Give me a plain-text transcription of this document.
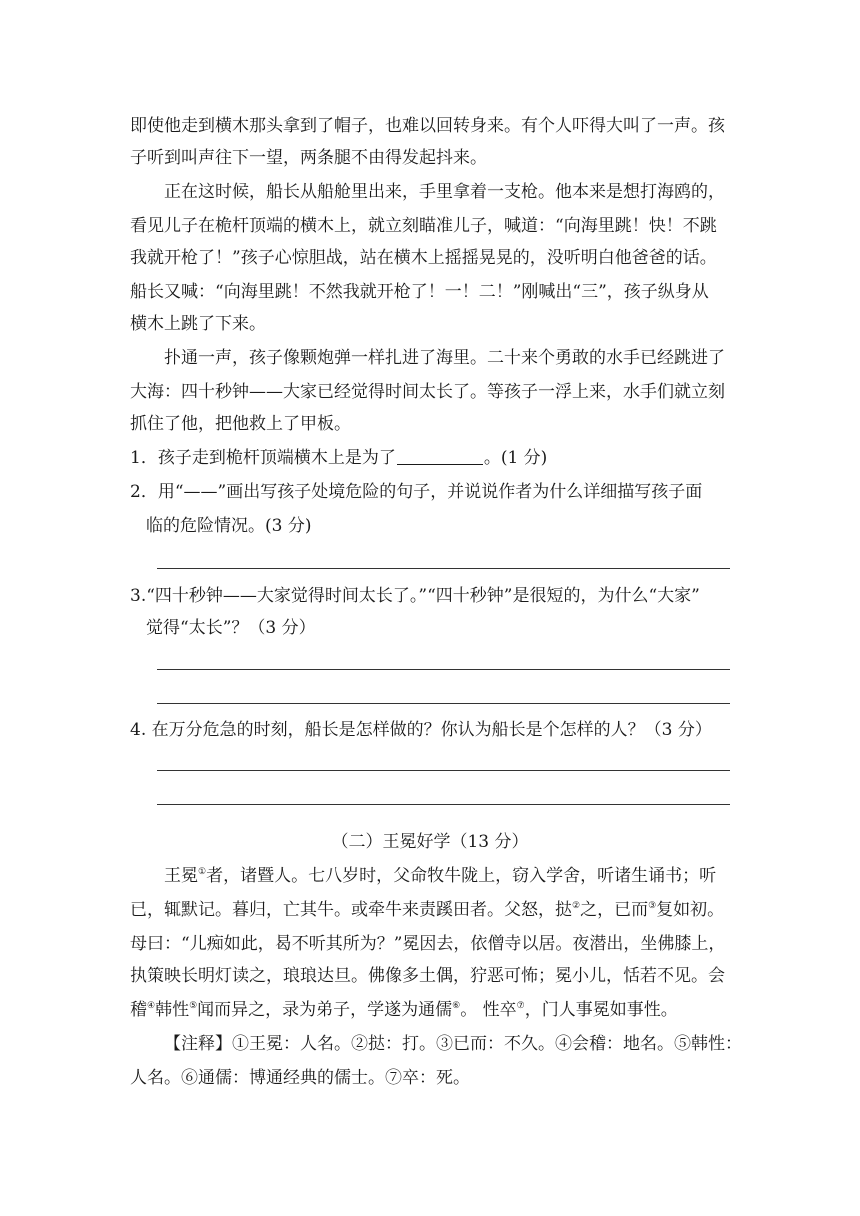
即使他走到横木那头拿到了帽子，也难以回转身来。有个人吓得大叫了一声。孩
子听到叫声往下一望，两条腿不由得发起抖来。
正在这时候，船长从船舱里出来，手里拿着一支枪。他本来是想打海鸥的，
看见儿子在桅杆顶端的横木上，就立刻瞄准儿子，喊道：“向海里跳！快！不跳
我就开枪了！”孩子心惊胆战，站在横木上摇摇晃晃的，没听明白他爸爸的话。
船长又喊：“向海里跳！不然我就开枪了！一！二！”刚喊出“三”，孩子纵身从
横木上跳了下来。
扑通一声，孩子像颗炮弹一样扎进了海里。二十来个勇敢的水手已经跳进了
大海：四十秒钟——大家已经觉得时间太长了。等孩子一浮上来，水手们就立刻
抓住了他，把他救上了甲板。
1．孩子走到桅杆顶端横木上是为了	。(1 分)
2．用“——”画出写孩子处境危险的句子，并说说作者为什么详细描写孩子面
临的危险情况。(3 分)
3.“四十秒钟——大家觉得时间太长了。”“四十秒钟”是很短的，为什么“大家”
觉得“太长”？（3 分）
4. 在万分危急的时刻，船长是怎样做的？你认为船长是个怎样的人？（3 分）
（二）王冕好学（13 分）
王冕①者，诸暨人。七八岁时，父命牧牛陇上，窃入学舍，听诸生诵书；听
已，辄默记。暮归，亡其牛。或牵牛来责蹊田者。父怒，挞②之，已而③复如初。
母曰：“儿痴如此，曷不听其所为？”冕因去，依僧寺以居。夜潜出，坐佛膝上，
执策映长明灯读之，琅琅达旦。佛像多土偶，狞恶可怖；冕小儿，恬若不见。会
稽④韩性⑤闻而异之，录为弟子，学遂为通儒⑥。 性卒⑦，门人事冕如事性。
【注释】①王冕：人名。②挞：打。③已而：不久。④会稽：地名。⑤韩性：
人名。⑥通儒：博通经典的儒士。⑦卒：死。
